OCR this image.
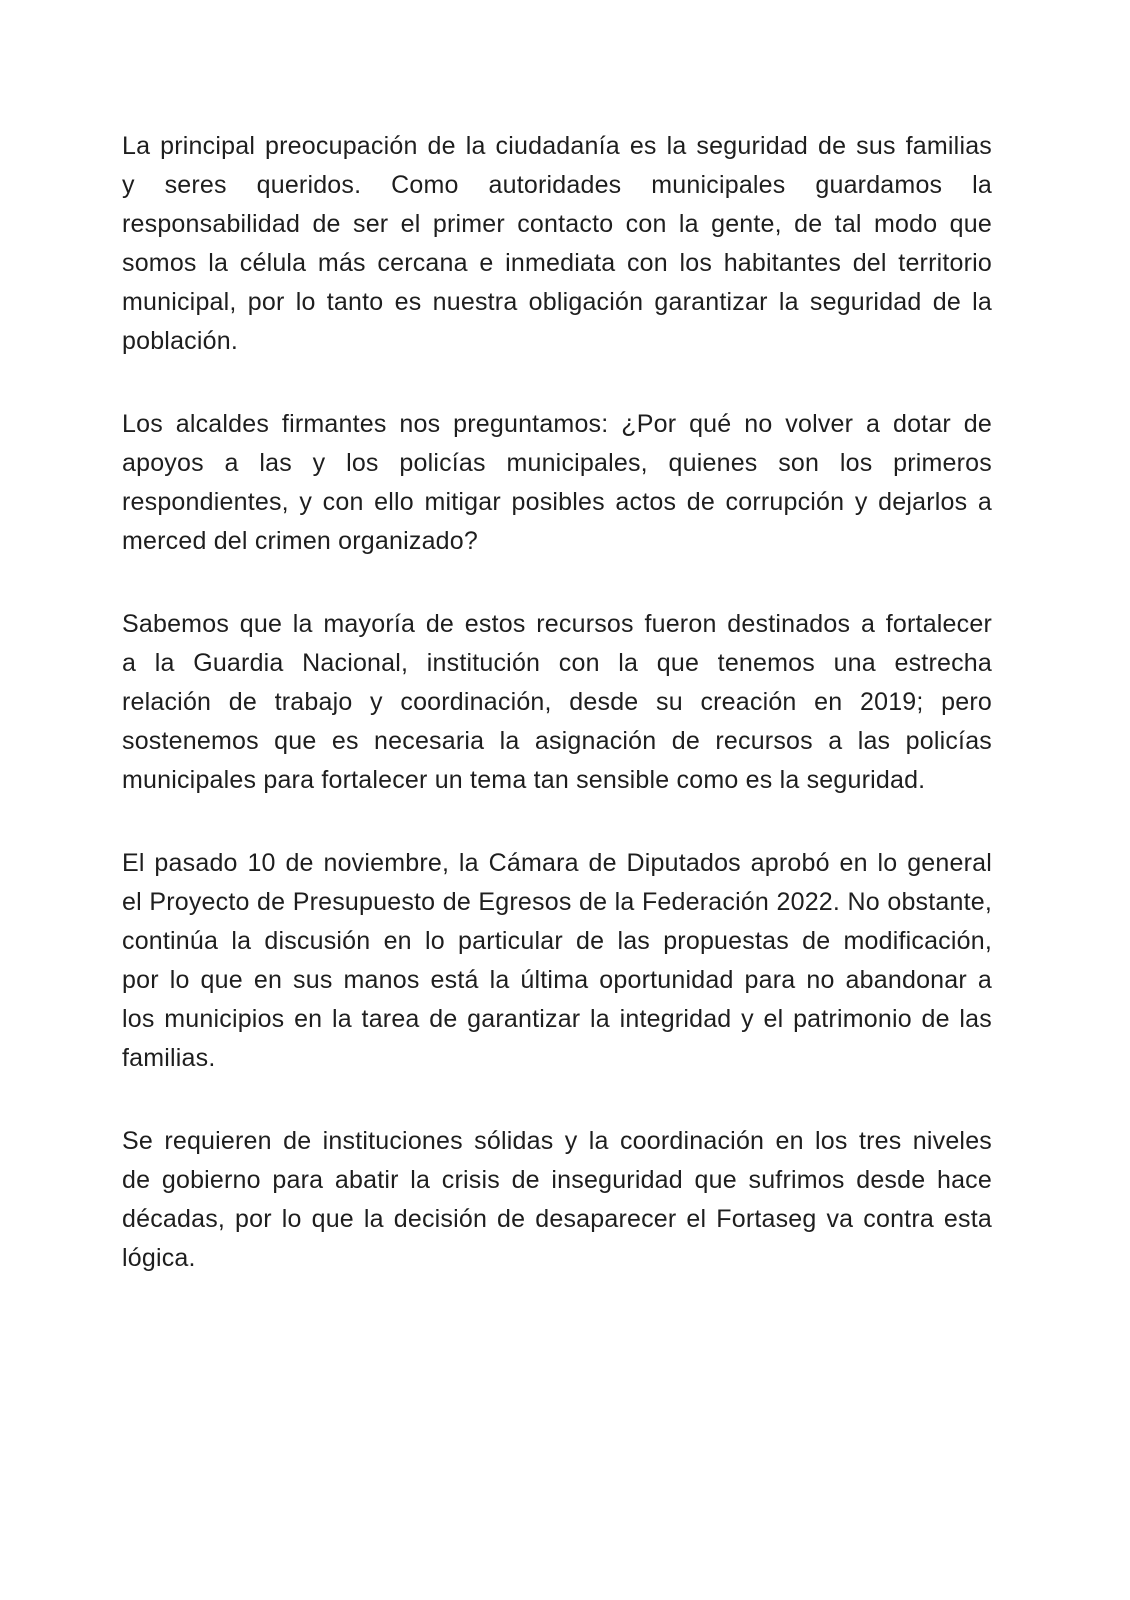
La principal preocupación de la ciudadanía es la seguridad de sus familias
y seres queridos. Como autoridades municipales guardamos la
responsabilidad de ser el primer contacto con la gente, de tal modo que
somos la célula más cercana e inmediata con los habitantes del territorio
municipal, por lo tanto es nuestra obligación garantizar la seguridad de la
población.
Los alcaldes firmantes nos preguntamos: ¿Por qué no volver a dotar de
apoyos a las y los policías municipales, quienes son los primeros
respondientes, y con ello mitigar posibles actos de corrupción y dejarlos a
merced del crimen organizado?
Sabemos que la mayoría de estos recursos fueron destinados a fortalecer
a la Guardia Nacional, institución con la que tenemos una estrecha
relación de trabajo y coordinación, desde su creación en 2019; pero
sostenemos que es necesaria la asignación de recursos a las policías
municipales para fortalecer un tema tan sensible como es la seguridad.
El pasado 10 de noviembre, la Cámara de Diputados aprobó en lo general
el Proyecto de Presupuesto de Egresos de la Federación 2022. No obstante,
continúa la discusión en lo particular de las propuestas de modificación,
por lo que en sus manos está la última oportunidad para no abandonar a
los municipios en la tarea de garantizar la integridad y el patrimonio de las
familias.
Se requieren de instituciones sólidas y la coordinación en los tres niveles
de gobierno para abatir la crisis de inseguridad que sufrimos desde hace
décadas, por lo que la decisión de desaparecer el Fortaseg va contra esta
lógica.
